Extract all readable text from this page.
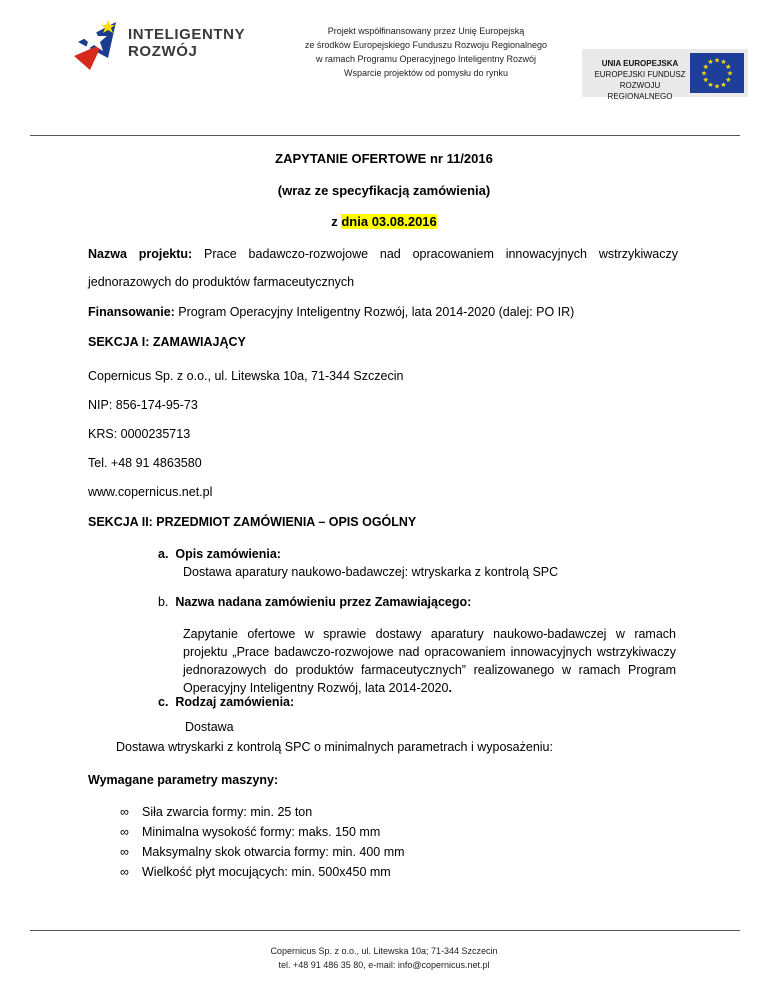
INTELIGENTNY
ROZWÓJ
Projekt współfinansowany przez Unię Europejską
ze środków Europejskiego Funduszu Rozwoju Regionalnego
w ramach Programu Operacyjnego Inteligentny Rozwój
Wsparcie projektów od pomysłu do rynku
UNIA EUROPEJSKA
EUROPEJSKI FUNDUSZ
ROZWOJU REGIONALNEGO
★ ★
★
★
★
★
★
★
★
★
★
★
ZAPYTANIE OFERTOWE nr 11/2016
(wraz ze specyfikacją zamówienia)
z dnia 03.08.2016
Nazwa projektu: Prace badawczo-rozwojowe nad opracowaniem innowacyjnych wstrzykiwaczy jednorazowych do produktów farmaceutycznych
Finansowanie: Program Operacyjny Inteligentny Rozwój, lata 2014-2020 (dalej: PO IR)
SEKCJA I: ZAMAWIAJĄCY
Copernicus Sp. z o.o., ul. Litewska 10a, 71-344 Szczecin
NIP: 856-174-95-73
KRS: 0000235713
Tel. +48 91 4863580
www.copernicus.net.pl
SEKCJA II: PRZEDMIOT ZAMÓWIENIA – OPIS OGÓLNY
a. Opis zamówienia:
Dostawa aparatury naukowo-badawczej: wtryskarka z kontrolą SPC
b. Nazwa nadana zamówieniu przez Zamawiającego:
Zapytanie ofertowe w sprawie dostawy aparatury naukowo-badawczej w ramach projektu „Prace badawczo-rozwojowe nad opracowaniem innowacyjnych wstrzykiwaczy jednorazowych do produktów farmaceutycznych” realizowanego w ramach Program Operacyjny Inteligentny Rozwój, lata 2014-2020.
c. Rodzaj zamówienia:
Dostawa
Dostawa wtryskarki z kontrolą SPC o minimalnych parametrach i wyposażeniu:
Wymagane parametry maszyny:
∞	Siła zwarcia formy: min. 25 ton
∞	Minimalna wysokość formy: maks. 150 mm
∞	Maksymalny skok otwarcia formy: min. 400 mm
∞	Wielkość płyt mocujących: min. 500x450 mm
Copernicus Sp. z o.o., ul. Litewska 10a; 71-344 Szczecin
tel. +48 91 486 35 80, e-mail: info@copernicus.net.pl
